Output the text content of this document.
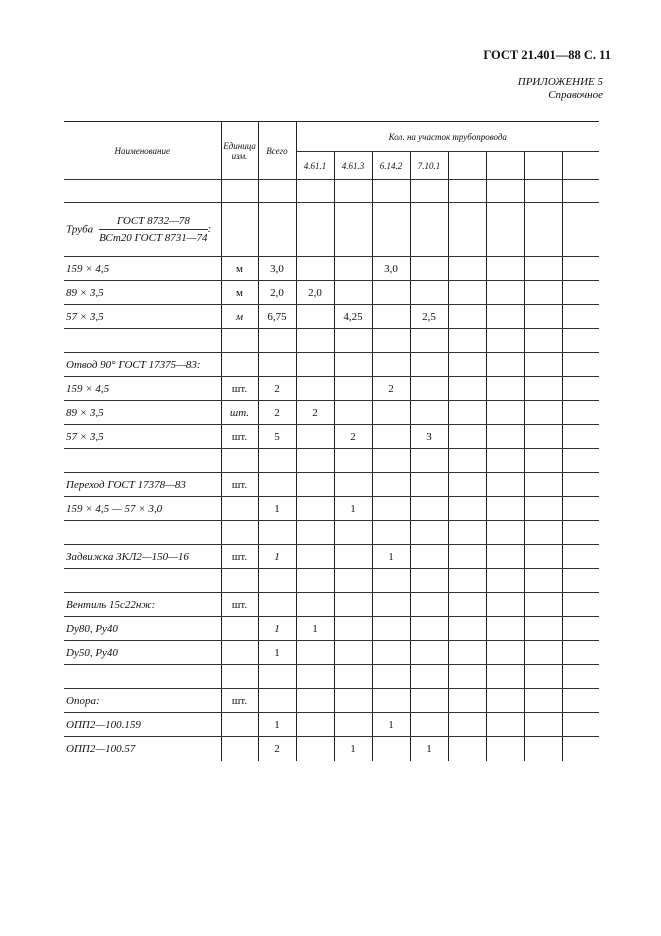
ГОСТ 21.401—88 С. 11
ПРИЛОЖЕНИЕ 5
Справочное
Наименование	Единица изм.	Всего	Кол. на участок трубопровода							
			4.61.1	4.61.3	6.14.2	7.10.1				

Труба $\frac{\text{ГОСТ 8732—78}}{\text{ВСт20 ГОСТ 8731—74}}$ :										
159 × 4,5	м	3,0			3,0					
89 × 3,5	м	2,0	2,0							
57 × 3,5	м	6,75		4,25		2,5				

Отвод 90° ГОСТ 17375—83:										
159 × 4,5	шт.	2			2					
89 × 3,5	шт.	2	2							
57 × 3,5	шт.	5		2		3				

Переход ГОСТ 17378—83	шт.									
159 × 4,5 — 57 × 3,0		1		1						

Задвижка ЗКЛ2—150—16	шт.	1			1					

Вентиль 15с22нж:	шт.									
Dу80, Pу40		1	1							
Dу50, Pу40		1								

Опора:	шт.									
ОПП2—100.159		1			1					
ОПП2—100.57		2		1		1				
